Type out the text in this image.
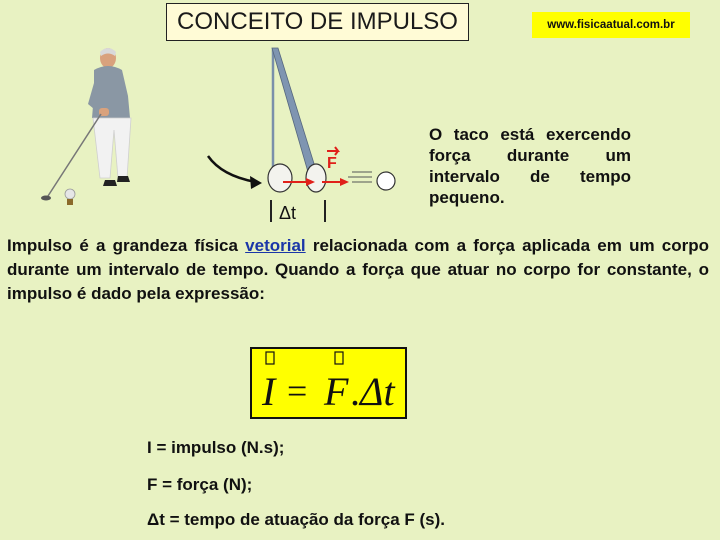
CONCEITO DE IMPULSO	www.fisicaatual.com.br
F
Δt
O taco está exercendo força durante um intervalo de tempo pequeno.
Impulso é a grandeza física vetorial relacionada com a força aplicada em um corpo durante um intervalo de tempo. Quando a força que atuar no corpo for constante, o impulso é dado pela expressão:
I = F . Δt
I = impulso (N.s);
F = força (N);
Δt = tempo de atuação da força F (s).
